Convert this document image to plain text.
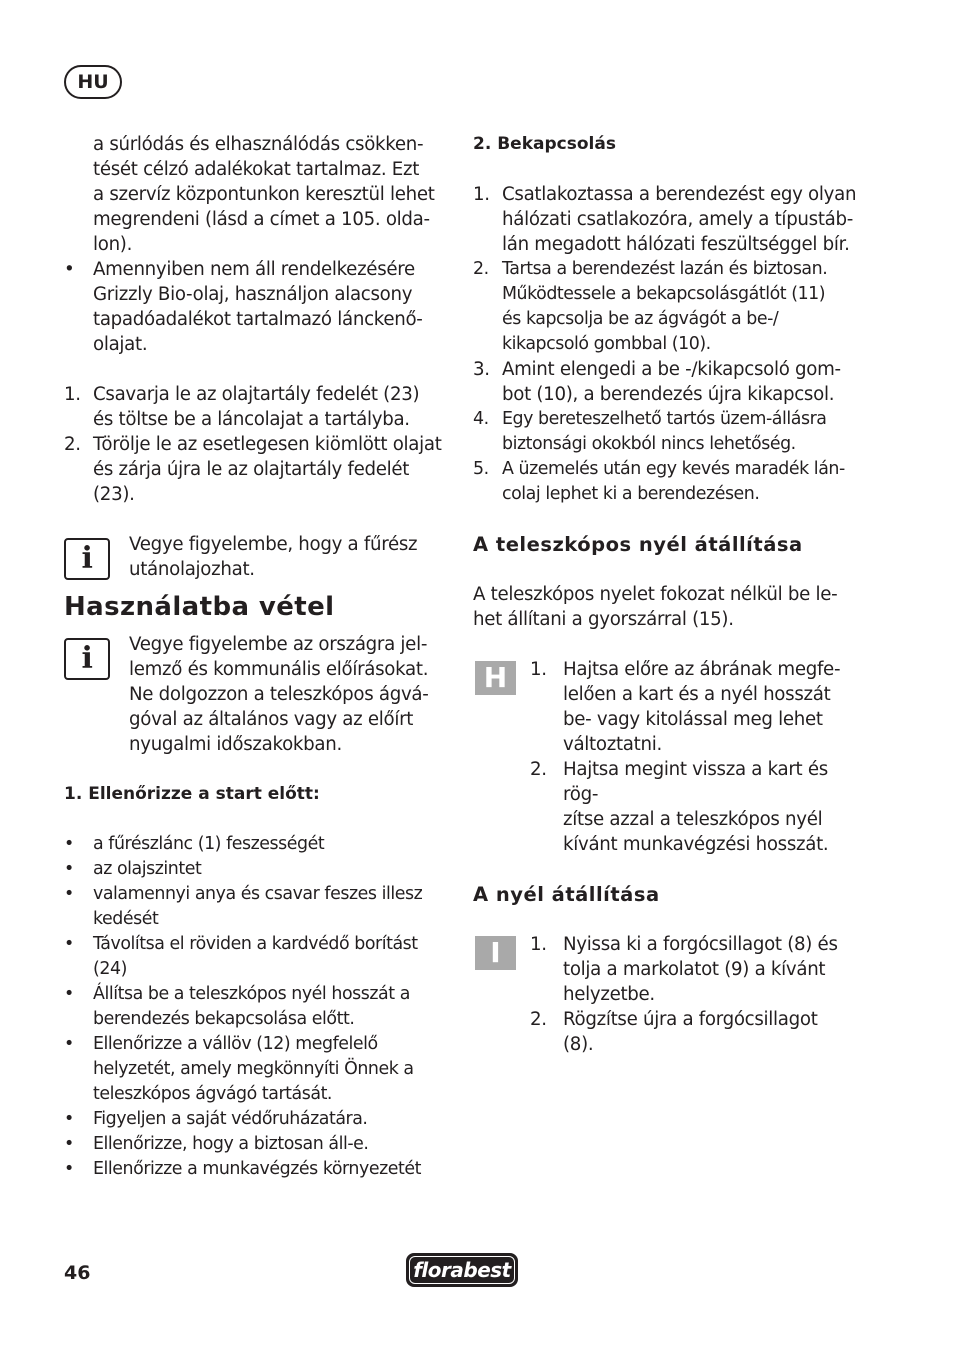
HU

a súrlódás és elhasználódás csökken-
tését célzó adalékokat tartalmaz. Ezt
a szervíz központunkon keresztül lehet
megrendeni (lásd a címet a 105. olda-
lon).

• Amennyiben nem áll rendelkezésére
Grizzly Bio-olaj, használjon alacsony
tapadóadalékot tartalmazó lánckenő-
olajat.
1. Csavarja le az olajtartály fedelét (23)
és töltse be a láncolajat a tartályba.
2. Törölje le az esetlegesen kiömlött olajat
és zárja újra le az olajtartály fedelét
(23).
i	Vegye figyelembe, hogy a fűrész
utánolajozhat.
Használatba vétel
i	Vegye figyelembe az országra jel-
lemző és kommunális előírásokat.
Ne dolgozzon a teleszkópos ágvá-
góval az általános vagy az előírt
nyugalmi időszakokban.

1. Ellenőrizze a start előtt:

• a fűrészlánc (1) feszességét
• az olajszintet
• valamennyi anya és csavar feszes illesz
kedését
• Távolítsa el röviden a kardvédő borítást
(24)
• Állítsa be a teleszkópos nyél hosszát a
berendezés bekapcsolása előtt.
• Ellenőrizze a vállöv (12) megfelelő
helyzetét, amely megkönnyíti Önnek a
teleszkópos ágvágó tartását.
• Figyeljen a saját védőruházatára.
• Ellenőrizze, hogy a biztosan áll-e.
• Ellenőrizze a munkavégzés környezetét

2. Bekapcsolás

1. Csatlakoztassa a berendezést egy olyan
hálózati csatlakozóra, amely a típustáb-
lán megadott hálózati feszültséggel bír.
2. Tartsa a berendezést lazán és biztosan.
Működtessele a bekapcsolásgátlót (11)
és kapcsolja be az ágvágót a be-/
kikapcsoló gombbal (10).
3. Amint elengedi a be -/kikapcsoló gom-
bot (10), a berendezés újra kikapcsol.
4. Egy bereteszelhető tartós üzem-állásra
biztonsági okokból nincs lehetőség.
5. A üzemelés után egy kevés maradék lán-
colaj lephet ki a berendezésen.
A teleszkópos nyél átállítása

A teleszkópos nyelet fokozat nélkül be le-
het állítani a gyorszárral (15).

H	1. Hajtsa előre az ábrának megfe-
lelően a kart és a nyél hosszát
be- vagy kitolással meg lehet
változtatni.
2. Hajtsa megint vissza a kart és rög-
zítse azzal a teleszkópos nyél
kívánt munkavégzési hosszát.
A nyél átállítása
I	1. Nyissa ki a forgócsillagot (8) és
tolja a markolatot (9) a kívánt
helyzetbe.
2. Rögzítse újra a forgócsillagot
(8).
46	florabest
